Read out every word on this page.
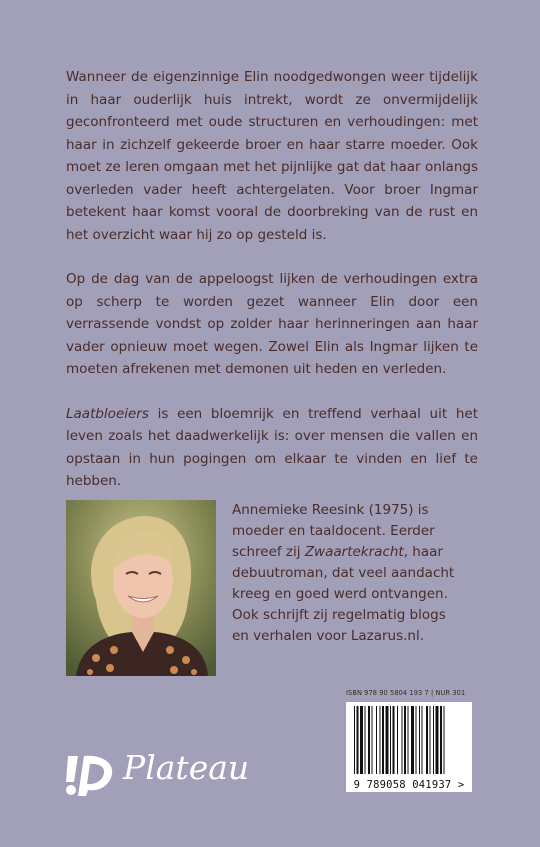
Wanneer de eigenzinnige Elin noodgedwongen weer tijdelijk in haar ouderlijk huis intrekt, wordt ze onvermijdelijk geconfronteerd met oude structuren en verhoudingen: met haar in zichzelf gekeerde broer en haar starre moeder. Ook moet ze leren omgaan met het pijnlijke gat dat haar onlangs overleden vader heeft achtergelaten. Voor broer Ingmar betekent haar komst vooral de doorbreking van de rust en het overzicht waar hij zo op gesteld is.

Op de dag van de appeloogst lijken de verhoudingen extra op scherp te worden gezet wanneer Elin door een verrassende vondst op zolder haar herinneringen aan haar vader opnieuw moet wegen. Zowel Elin als Ingmar lijken te moeten afrekenen met demonen uit heden en verleden.

Laatbloeiers is een bloemrijk en treffend verhaal uit het leven zoals het daadwerkelijk is: over mensen die vallen en opstaan in hun pogingen om elkaar te vinden en lief te hebben.

Annemieke Reesink (1975) is
moeder en taaldocent. Eerder
schreef zij Zwaartekracht, haar
debuutroman, dat veel aandacht
kreeg en goed werd ontvangen.
Ook schrijft zij regelmatig blogs
en verhalen voor Lazarus.nl.
ISBN 978 90 5804 193 7 | NUR 301
9 789058 041937 >
Plateau
